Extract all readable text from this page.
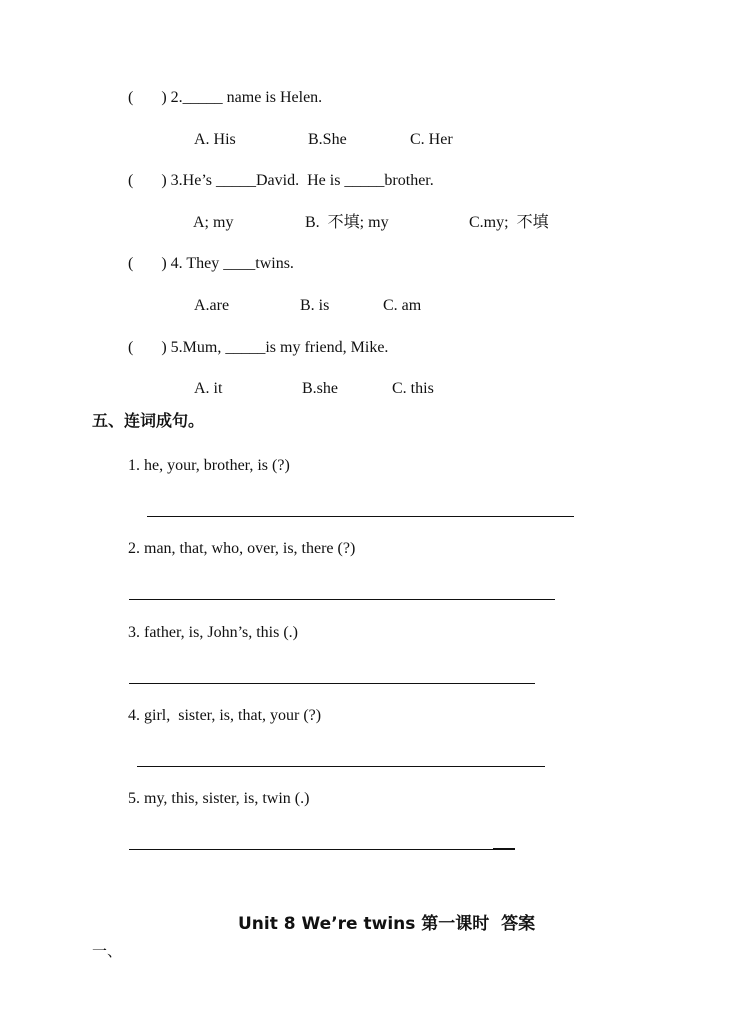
(       ) 2._____ name is Helen.
A. His	B.She	C. Her
(       ) 3.He’s _____David.  He is _____brother.
A; my	B.  不填; my	C.my;  不填
(       ) 4. They ____twins.
A.are	B. is	C. am
(       ) 5.Mum, _____is my friend, Mike.
A. it	B.she	C. this
五、连词成句。
1. he, your, brother, is (?)
2. man, that, who, over, is, there (?)
3. father, is, John’s, this (.)
4. girl,  sister, is, that, your (?)
5. my, this, sister, is, twin (.)
Unit 8 We’re twins 第一课时  答案
一、
